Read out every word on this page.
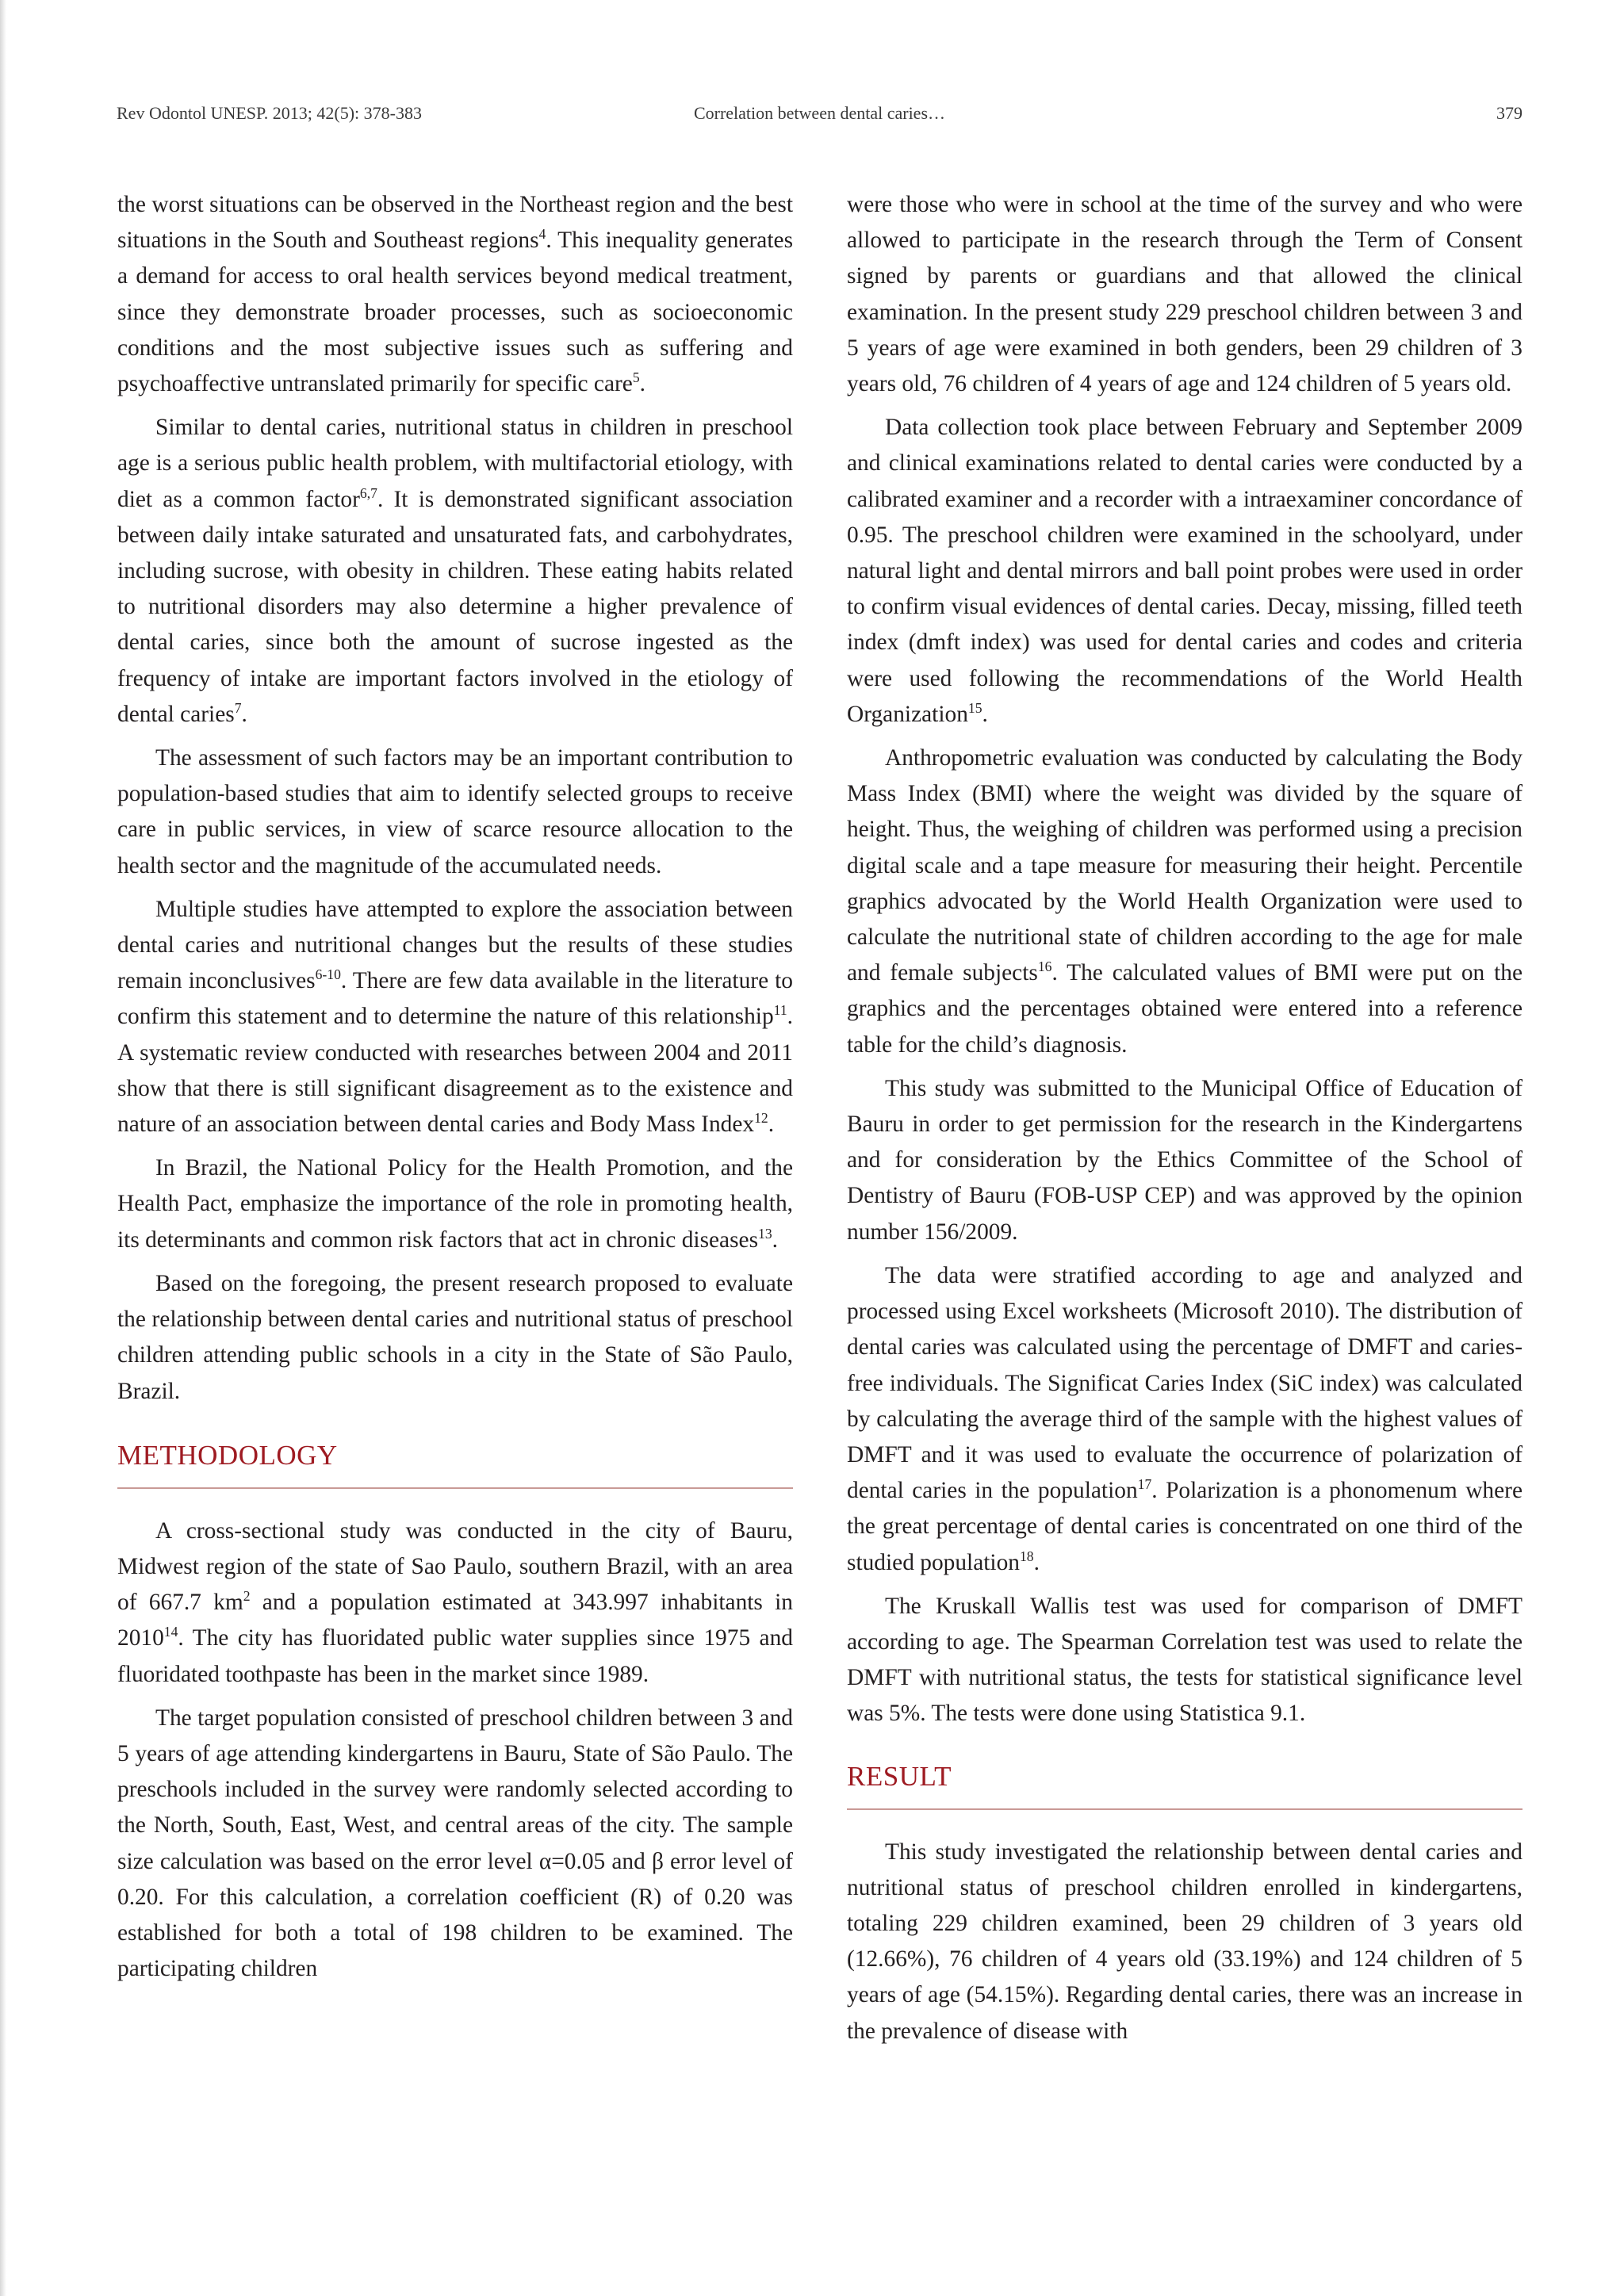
Rev Odontol UNESP. 2013; 42(5): 378-383	Correlation between dental caries…	379

the worst situations can be observed in the Northeast region and the best situations in the South and Southeast regions$^4$. This inequality generates a demand for access to oral health services beyond medical treatment, since they demonstrate broader processes, such as socioeconomic conditions and the most subjective issues such as suffering and psychoaffective untranslated primarily for specific care$^5$.

Similar to dental caries, nutritional status in children in preschool age is a serious public health problem, with multifactorial etiology, with diet as a common factor$^{6,7}$. It is demonstrated significant association between daily intake saturated and unsaturated fats, and carbohydrates, including sucrose, with obesity in children. These eating habits related to nutritional disorders may also determine a higher prevalence of dental caries, since both the amount of sucrose ingested as the frequency of intake are important factors involved in the etiology of dental caries$^7$.

The assessment of such factors may be an important contribution to population-based studies that aim to identify selected groups to receive care in public services, in view of scarce resource allocation to the health sector and the magnitude of the accumulated needs.

Multiple studies have attempted to explore the association between dental caries and nutritional changes but the results of these studies remain inconclusives$^{6-10}$. There are few data available in the literature to confirm this statement and to determine the nature of this relationship$^{11}$. A systematic review conducted with researches between 2004 and 2011 show that there is still significant disagreement as to the existence and nature of an association between dental caries and Body Mass Index$^{12}$.

In Brazil, the National Policy for the Health Promotion, and the Health Pact, emphasize the importance of the role in promoting health, its determinants and common risk factors that act in chronic diseases$^{13}$.

Based on the foregoing, the present research proposed to evaluate the relationship between dental caries and nutritional status of preschool children attending public schools in a city in the State of São Paulo, Brazil.

METHODOLOGY

A cross-sectional study was conducted in the city of Bauru, Midwest region of the state of Sao Paulo, southern Brazil, with an area of 667.7 $km^2$ and a population estimated at 343.997 inhabitants in 2010$^{14}$. The city has fluoridated public water supplies since 1975 and fluoridated toothpaste has been in the market since 1989.

The target population consisted of preschool children between 3 and 5 years of age attending kindergartens in Bauru, State of São Paulo. The preschools included in the survey were randomly selected according to the North, South, East, West, and central areas of the city. The sample size calculation was based on the error level α=0.05 and β error level of 0.20. For this calculation, a correlation coefficient (R) of 0.20 was established for both a total of 198 children to be examined. The participating children

were those who were in school at the time of the survey and who were allowed to participate in the research through the Term of Consent signed by parents or guardians and that allowed the clinical examination. In the present study 229 preschool children between 3 and 5 years of age were examined in both genders, been 29 children of 3 years old, 76 children of 4 years of age and 124 children of 5 years old.

Data collection took place between February and September 2009 and clinical examinations related to dental caries were conducted by a calibrated examiner and a recorder with a intraexaminer concordance of 0.95. The preschool children were examined in the schoolyard, under natural light and dental mirrors and ball point probes were used in order to confirm visual evidences of dental caries. Decay, missing, filled teeth index (dmft index) was used for dental caries and codes and criteria were used following the recommendations of the World Health Organization$^{15}$.

Anthropometric evaluation was conducted by calculating the Body Mass Index (BMI) where the weight was divided by the square of height. Thus, the weighing of children was performed using a precision digital scale and a tape measure for measuring their height. Percentile graphics advocated by the World Health Organization were used to calculate the nutritional state of children according to the age for male and female subjects$^{16}$. The calculated values of BMI were put on the graphics and the percentages obtained were entered into a reference table for the child’s diagnosis.

This study was submitted to the Municipal Office of Education of Bauru in order to get permission for the research in the Kindergartens and for consideration by the Ethics Committee of the School of Dentistry of Bauru (FOB-USP CEP) and was approved by the opinion number 156/2009.

The data were stratified according to age and analyzed and processed using Excel worksheets (Microsoft 2010). The distribution of dental caries was calculated using the percentage of DMFT and caries-free individuals. The Significat Caries Index (SiC index) was calculated by calculating the average third of the sample with the highest values of DMFT and it was used to evaluate the occurrence of polarization of dental caries in the population$^{17}$. Polarization is a phonomenum where the great percentage of dental caries is concentrated on one third of the studied population$^{18}$.

The Kruskall Wallis test was used for comparison of DMFT according to age. The Spearman Correlation test was used to relate the DMFT with nutritional status, the tests for statistical significance level was 5%. The tests were done using Statistica 9.1.

RESULT

This study investigated the relationship between dental caries and nutritional status of preschool children enrolled in kindergartens, totaling 229 children examined, been 29 children of 3 years old (12.66%), 76 children of 4 years old (33.19%) and 124 children of 5 years of age (54.15%). Regarding dental caries, there was an increase in the prevalence of disease with
